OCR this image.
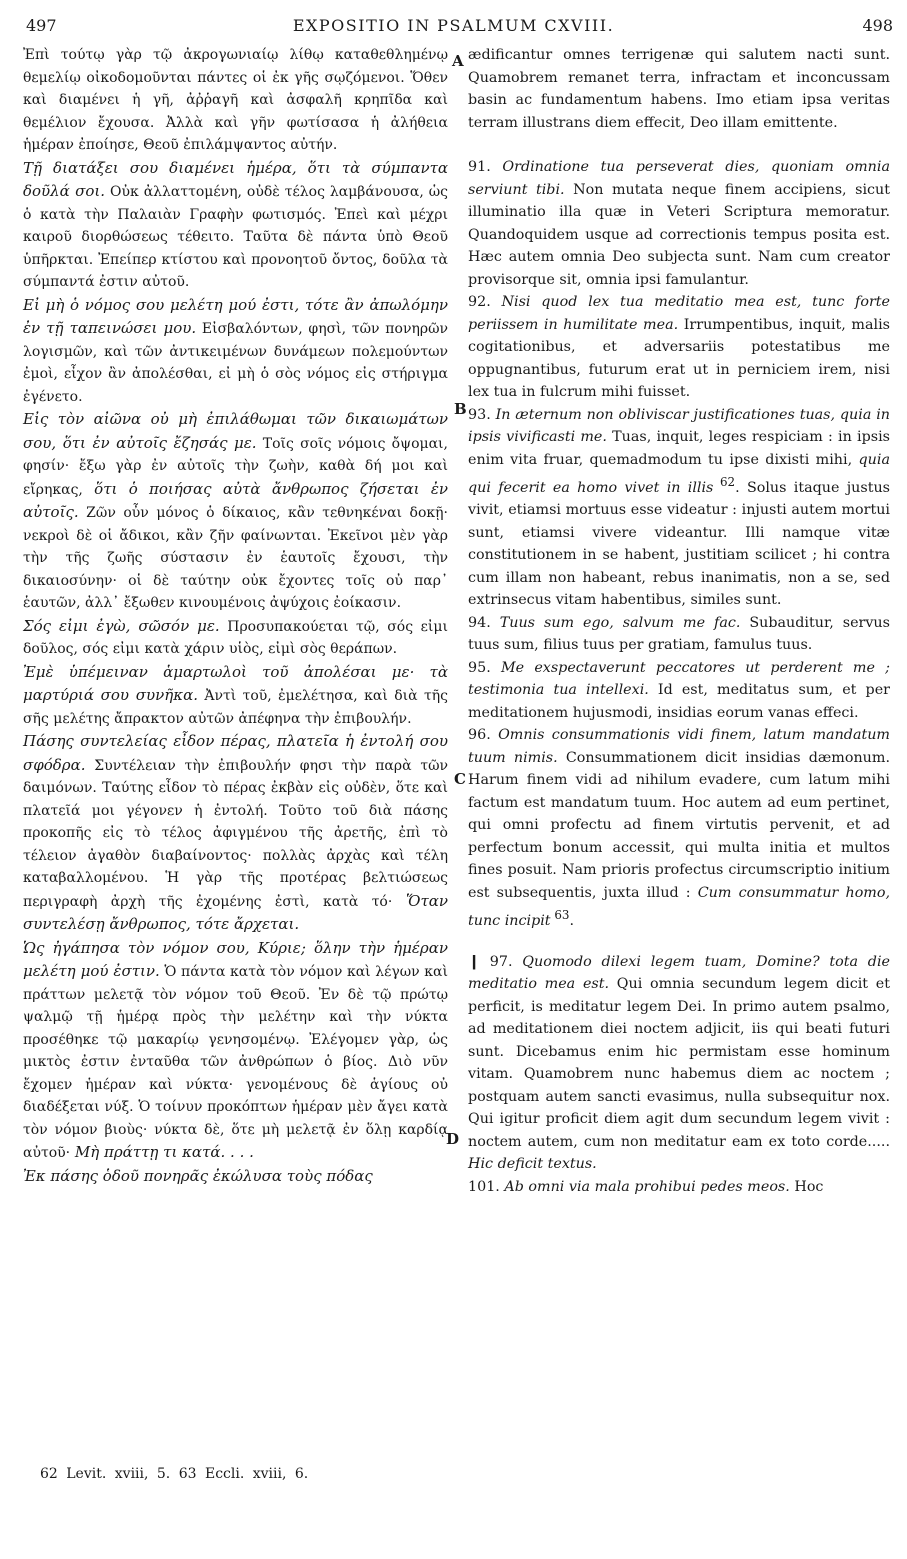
497	EXPOSITIO IN PSALMUM CXVIII.	498

Ἐπὶ τούτῳ γὰρ τῷ ἀκρογωνιαίῳ λίθῳ καταθεθλημένῳ θεμελίῳ οἰκοδομοῦνται πάντες οἱ ἐκ γῆς σῳζόμενοι. Ὅθεν καὶ διαμένει ἡ γῆ, ἀῤῥαγῆ καὶ ἀσφαλῆ κρηπῖδα καὶ θεμέλιον ἔχουσα. Ἀλλὰ καὶ γῆν φωτίσασα ἡ ἀλήθεια ἡμέραν ἐποίησε, Θεοῦ ἐπιλάμψαντος αὐτήν.

Τῇ διατάξει σου διαμένει ἡμέρα, ὅτι τὰ σύμπαντα δοῦλά σοι. Οὐκ ἀλλαττομένη, οὐδὲ τέλος λαμβάνουσα, ὡς ὁ κατὰ τὴν Παλαιὰν Γραφὴν φωτισμός. Ἐπεὶ καὶ μέχρι καιροῦ διορθώσεως τέθειτο. Ταῦτα δὲ πάντα ὑπὸ Θεοῦ ὑπῆρκται. Ἐπείπερ κτίστου καὶ προνοητοῦ ὄντος, δοῦλα τὰ σύμπαντά ἐστιν αὐτοῦ.

Εἰ μὴ ὁ νόμος σου μελέτη μού ἐστι, τότε ἂν ἀπωλόμην ἐν τῇ ταπεινώσει μου. Εἰσβαλόντων, φησὶ, τῶν πονηρῶν λογισμῶν, καὶ τῶν ἀντικειμένων δυνάμεων πολεμούντων ἐμοὶ, εἶχον ἂν ἀπολέσθαι, εἰ μὴ ὁ σὸς νόμος εἰς στήριγμα ἐγένετο.

Εἰς τὸν αἰῶνα οὐ μὴ ἐπιλάθωμαι τῶν δικαιωμάτων σου, ὅτι ἐν αὐτοῖς ἔζησάς με. Τοῖς σοῖς νόμοις ὄψομαι, φησίν· ἔξω γὰρ ἐν αὐτοῖς τὴν ζωὴν, καθὰ δή μοι καὶ εἴρηκας, ὅτι ὁ ποιήσας αὐτὰ ἄνθρωπος ζήσεται ἐν αὐτοῖς. Ζῶν οὖν μόνος ὁ δίκαιος, κἂν τεθνηκέναι δοκῇ· νεκροὶ δὲ οἱ ἄδικοι, κἂν ζῆν φαίνωνται. Ἐκεῖνοι μὲν γὰρ τὴν τῆς ζωῆς σύστασιν ἐν ἑαυτοῖς ἔχουσι, τὴν δικαιοσύνην· οἱ δὲ ταύτην οὐκ ἔχοντες τοῖς οὐ παρ᾿ ἑαυτῶν, ἀλλ᾿ ἔξωθεν κινουμένοις ἀψύχοις ἐοίκασιν.

Σός εἰμι ἐγὼ, σῶσόν με. Προσυπακούεται τῷ, σός εἰμι δοῦλος, σός εἰμι κατὰ χάριν υἱὸς, εἰμὶ σὸς θεράπων.

Ἐμὲ ὑπέμειναν ἁμαρτωλοὶ τοῦ ἀπολέσαι με· τὰ μαρτύριά σου συνῆκα. Ἀντὶ τοῦ, ἐμελέτησα, καὶ διὰ τῆς σῆς μελέτης ἄπρακτον αὐτῶν ἀπέφηνα τὴν ἐπιβουλήν.

Πάσης συντελείας εἶδον πέρας, πλατεῖα ἡ ἐντολή σου σφόδρα. Συντέλειαν τὴν ἐπιβουλήν φησι τὴν παρὰ τῶν δαιμόνων. Ταύτης εἶδον τὸ πέρας ἐκβὰν εἰς οὐδὲν, ὅτε καὶ πλατεῖά μοι γέγονεν ἡ ἐντολή. Τοῦτο τοῦ διὰ πάσης προκοπῆς εἰς τὸ τέλος ἀφιγμένου τῆς ἀρετῆς, ἐπὶ τὸ τέλειον ἀγαθὸν διαβαίνοντος· πολλὰς ἀρχὰς καὶ τέλη καταβαλλομένου. Ἡ γὰρ τῆς προτέρας βελτιώσεως περιγραφὴ ἀρχὴ τῆς ἐχομένης ἐστὶ, κατὰ τό· Ὅταν συντελέσῃ ἄνθρωπος, τότε ἄρχεται.

Ὡς ἠγάπησα τὸν νόμον σου, Κύριε; ὅλην τὴν ἡμέραν μελέτη μού ἐστιν. Ὁ πάντα κατὰ τὸν νόμον καὶ λέγων καὶ πράττων μελετᾷ τὸν νόμον τοῦ Θεοῦ. Ἐν δὲ τῷ πρώτῳ ψαλμῷ τῇ ἡμέρᾳ πρὸς τὴν μελέτην καὶ τὴν νύκτα προσέθηκε τῷ μακαρίῳ γενησομένῳ. Ἐλέγομεν γὰρ, ὡς μικτὸς ἐστιν ἐνταῦθα τῶν ἀνθρώπων ὁ βίος. Διὸ νῦν ἔχομεν ἡμέραν καὶ νύκτα· γενομένους δὲ ἁγίους οὐ διαδέξεται νύξ. Ὁ τοίνυν προκόπτων ἡμέραν μὲν ἄγει κατὰ τὸν νόμον βιοὺς· νύκτα δὲ, ὅτε μὴ μελετᾷ ἐν ὅλῃ καρδίᾳ αὐτοῦ· Μὴ πράττῃ τι κατά. . . .

Ἐκ πάσης ὁδοῦ πονηρᾶς ἐκώλυσα τοὺς πόδας

A
B
C
D

ædificantur omnes terrigenæ qui salutem nacti sunt. Quamobrem remanet terra, infractam et inconcussam basin ac fundamentum habens. Imo etiam ipsa veritas terram illustrans diem effecit, Deo illam emittente.

91. Ordinatione tua perseverat dies, quoniam omnia serviunt tibi. Non mutata neque finem accipiens, sicut illuminatio illa quæ in Veteri Scriptura memoratur. Quandoquidem usque ad correctionis tempus posita est. Hæc autem omnia Deo subjecta sunt. Nam cum creator provisorque sit, omnia ipsi famulantur.

92. Nisi quod lex tua meditatio mea est, tunc forte periissem in humilitate mea. Irrumpentibus, inquit, malis cogitationibus, et adversariis potestatibus me oppugnantibus, futurum erat ut in perniciem irem, nisi lex tua in fulcrum mihi fuisset.

93. In æternum non obliviscar justificationes tuas, quia in ipsis vivificasti me. Tuas, inquit, leges respiciam : in ipsis enim vita fruar, quemadmodum tu ipse dixisti mihi, quia qui fecerit ea homo vivet in illis $^{62}$. Solus itaque justus vivit, etiamsi mortuus esse videatur : injusti autem mortui sunt, etiamsi vivere videantur. Illi namque vitæ constitutionem in se habent, justitiam scilicet ; hi contra cum illam non habeant, rebus inanimatis, non a se, sed extrinsecus vitam habentibus, similes sunt.

94. Tuus sum ego, salvum me fac. Subauditur, servus tuus sum, filius tuus per gratiam, famulus tuus.

95. Me exspectaverunt peccatores ut perderent me ; testimonia tua intellexi. Id est, meditatus sum, et per meditationem hujusmodi, insidias eorum vanas effeci.

96. Omnis consummationis vidi finem, latum mandatum tuum nimis. Consummationem dicit insidias dæmonum. Harum finem vidi ad nihilum evadere, cum latum mihi factum est mandatum tuum. Hoc autem ad eum pertinet, qui omni profectu ad finem virtutis pervenit, et ad perfectum bonum accessit, qui multa initia et multos fines posuit. Nam prioris profectus circumscriptio initium est subsequentis, juxta illud : Cum consummatur homo, tunc incipit $^{63}$.

❙ 97. Quomodo dilexi legem tuam, Domine? tota die meditatio mea est. Qui omnia secundum legem dicit et perficit, is meditatur legem Dei. In primo autem psalmo, ad meditationem diei noctem adjicit, iis qui beati futuri sunt. Dicebamus enim hic permistam esse hominum vitam. Quamobrem nunc habemus diem ac noctem ; postquam autem sancti evasimus, nulla subsequitur nox. Qui igitur proficit diem agit dum secundum legem vivit : noctem autem, cum non meditatur eam ex toto corde..... Hic deficit textus.

101. Ab omni via mala prohibui pedes meos. Hoc

62 Levit. xviii, 5. 63 Eccli. xviii, 6.
